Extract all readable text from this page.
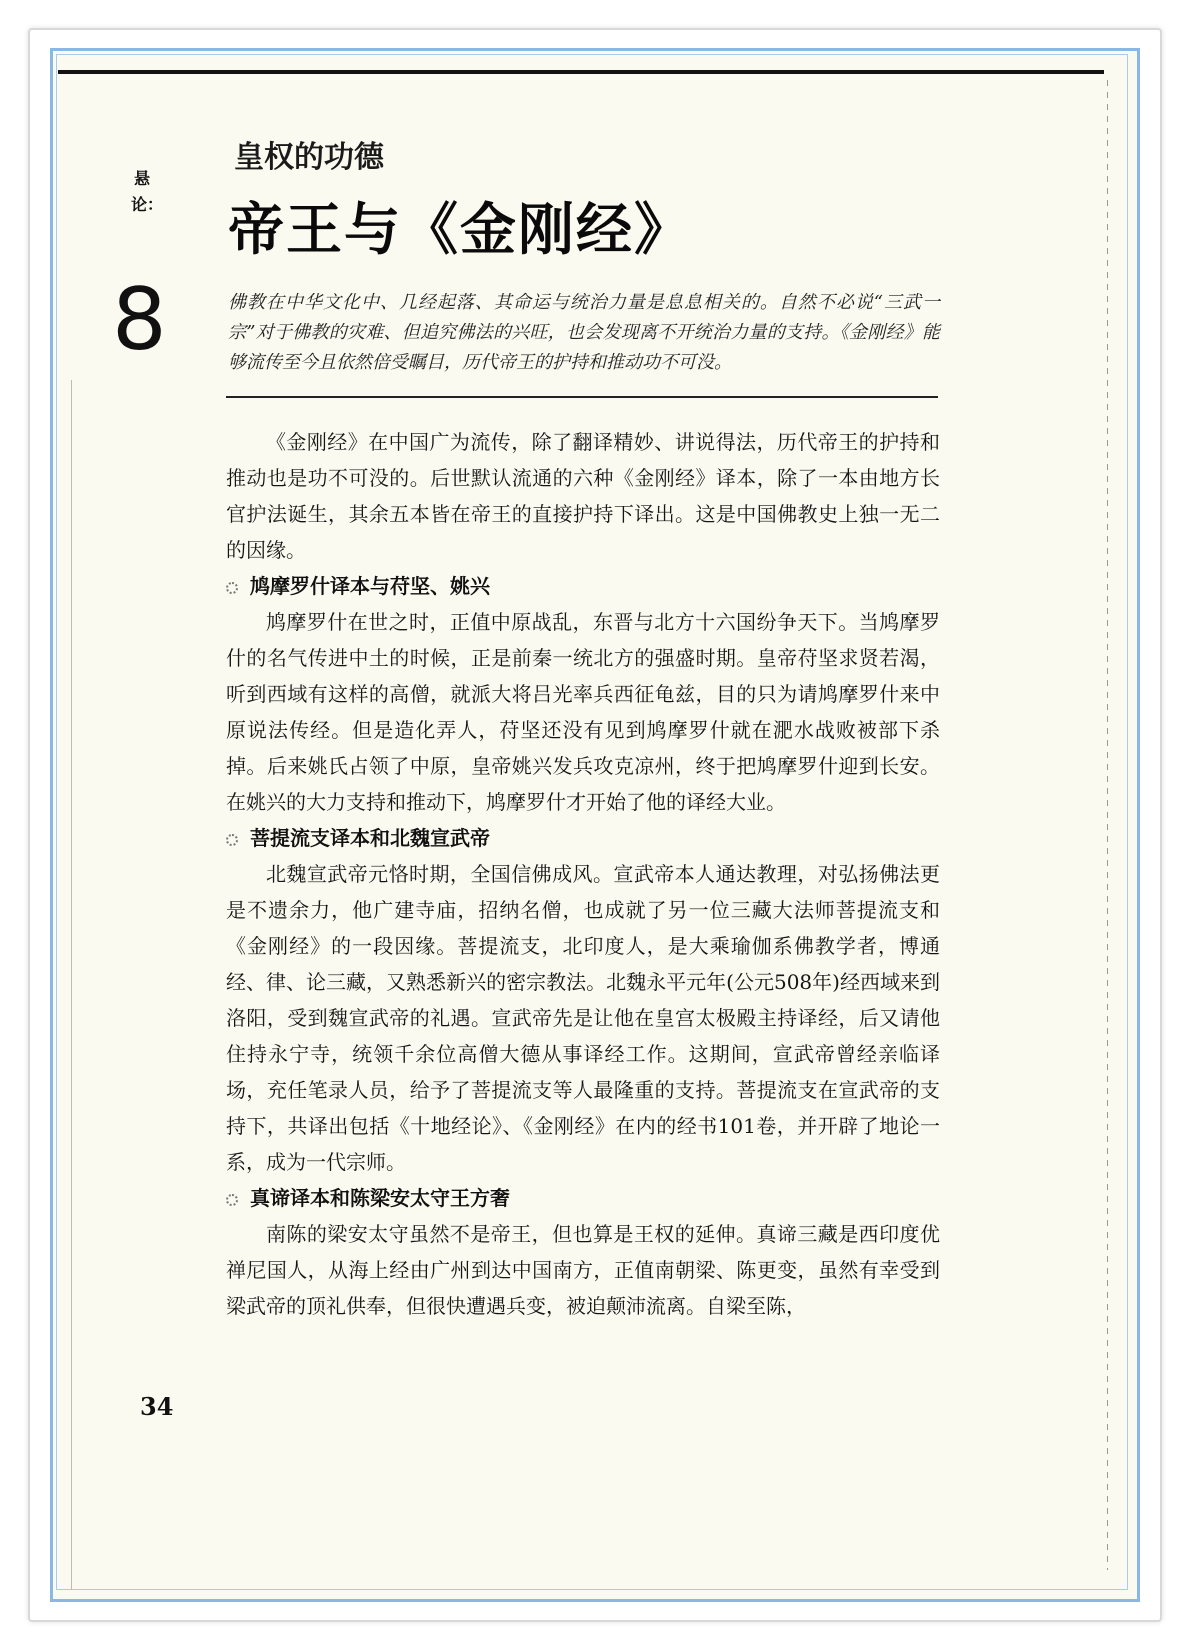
悬论：
8
皇权的功德
帝王与《金刚经》

佛教在中华文化中、几经起落、其命运与统治力量是息息相关的。自然不必说“三武一宗”对于佛教的灾难、但追究佛法的兴旺，也会发现离不开统治力量的支持。《金刚经》能够流传至今且依然倍受瞩目，历代帝王的护持和推动功不可没。

《金刚经》在中国广为流传，除了翻译精妙、讲说得法，历代帝王的护持和推动也是功不可没的。后世默认流通的六种《金刚经》译本，除了一本由地方长官护法诞生，其余五本皆在帝王的直接护持下译出。这是中国佛教史上独一无二的因缘。

鸠摩罗什译本与苻坚、姚兴

鸠摩罗什在世之时，正值中原战乱，东晋与北方十六国纷争天下。当鸠摩罗什的名气传进中土的时候，正是前秦一统北方的强盛时期。皇帝苻坚求贤若渴，听到西域有这样的高僧，就派大将吕光率兵西征龟兹，目的只为请鸠摩罗什来中原说法传经。但是造化弄人，苻坚还没有见到鸠摩罗什就在淝水战败被部下杀掉。后来姚氏占领了中原，皇帝姚兴发兵攻克凉州，终于把鸠摩罗什迎到长安。在姚兴的大力支持和推动下，鸠摩罗什才开始了他的译经大业。

菩提流支译本和北魏宣武帝

北魏宣武帝元恪时期，全国信佛成风。宣武帝本人通达教理，对弘扬佛法更是不遗余力，他广建寺庙，招纳名僧，也成就了另一位三藏大法师菩提流支和《金刚经》的一段因缘。菩提流支，北印度人，是大乘瑜伽系佛教学者，博通经、律、论三藏，又熟悉新兴的密宗教法。北魏永平元年(公元508年)经西域来到洛阳，受到魏宣武帝的礼遇。宣武帝先是让他在皇宫太极殿主持译经，后又请他住持永宁寺，统领千余位高僧大德从事译经工作。这期间，宣武帝曾经亲临译场，充任笔录人员，给予了菩提流支等人最隆重的支持。菩提流支在宣武帝的支持下，共译出包括《十地经论》、《金刚经》在内的经书101卷，并开辟了地论一系，成为一代宗师。

真谛译本和陈梁安太守王方奢

南陈的梁安太守虽然不是帝王，但也算是王权的延伸。真谛三藏是西印度优禅尼国人，从海上经由广州到达中国南方，正值南朝梁、陈更变，虽然有幸受到梁武帝的顶礼供奉，但很快遭遇兵变，被迫颠沛流离。自梁至陈，

34
